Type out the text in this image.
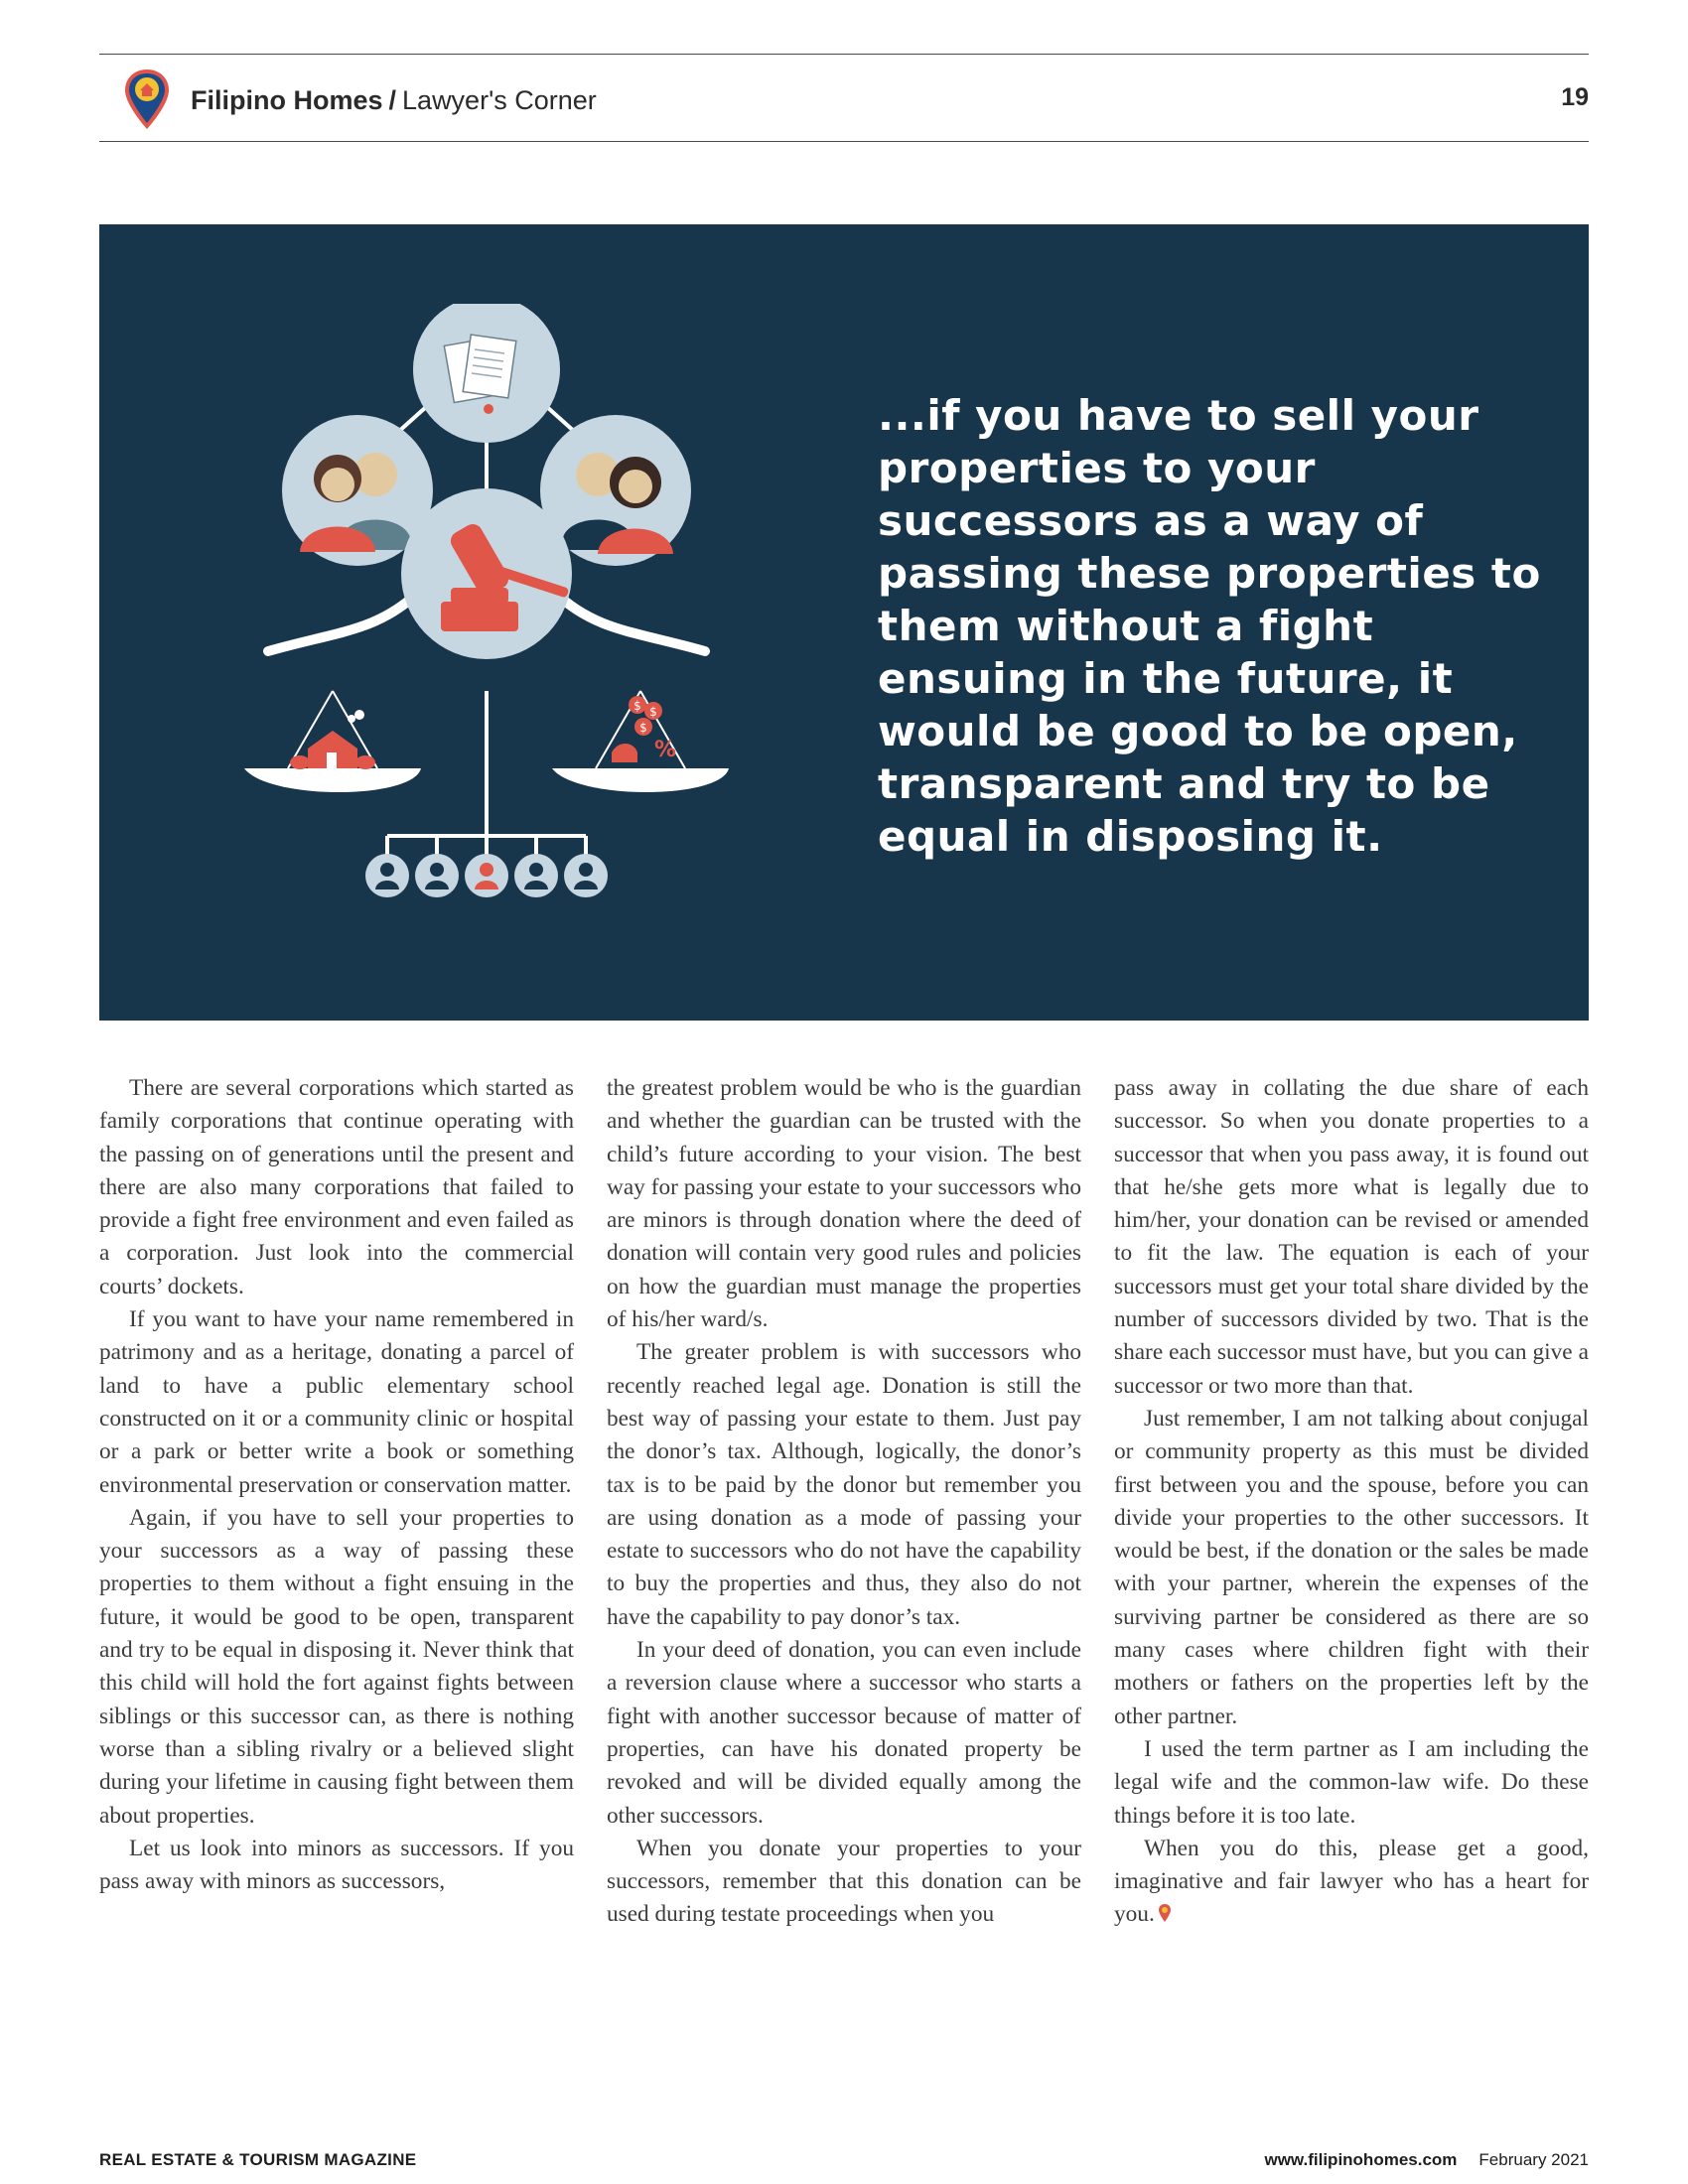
Filipino Homes / Lawyer's Corner	19
$ $
$
%
...if you have to sell your properties to your successors as a way of passing these properties to them without a fight ensuing in the future, it would be good to be open, transparent and try to be equal in disposing it.

There are several corporations which started as family corporations that continue operating with the passing on of generations until the present and there are also many corporations that failed to provide a fight free environment and even failed as a corporation. Just look into the commercial courts’ dockets.

If you want to have your name remembered in patrimony and as a heritage, donating a parcel of land to have a public elementary school constructed on it or a community clinic or hospital or a park or better write a book or something environmental preservation or conservation matter.

Again, if you have to sell your properties to your successors as a way of passing these properties to them without a fight ensuing in the future, it would be good to be open, transparent and try to be equal in disposing it. Never think that this child will hold the fort against fights between siblings or this successor can, as there is nothing worse than a sibling rivalry or a believed slight during your lifetime in causing fight between them about properties.

Let us look into minors as successors. If you pass away with minors as successors,

the greatest problem would be who is the guardian and whether the guardian can be trusted with the child’s future according to your vision. The best way for passing your estate to your successors who are minors is through donation where the deed of donation will contain very good rules and policies on how the guardian must manage the properties of his/her ward/s.

The greater problem is with successors who recently reached legal age. Donation is still the best way of passing your estate to them. Just pay the donor’s tax. Although, logically, the donor’s tax is to be paid by the donor but remember you are using donation as a mode of passing your estate to successors who do not have the capability to buy the properties and thus, they also do not have the capability to pay donor’s tax.

In your deed of donation, you can even include a reversion clause where a successor who starts a fight with another successor because of matter of properties, can have his donated property be revoked and will be divided equally among the other successors.

When you donate your properties to your successors, remember that this donation can be used during testate proceedings when you

pass away in collating the due share of each successor. So when you donate properties to a successor that when you pass away, it is found out that he/she gets more what is legally due to him/her, your donation can be revised or amended to fit the law. The equation is each of your successors must get your total share divided by the number of successors divided by two. That is the share each successor must have, but you can give a successor or two more than that.

Just remember, I am not talking about conjugal or community property as this must be divided first between you and the spouse, before you can divide your properties to the other successors. It would be best, if the donation or the sales be made with your partner, wherein the expenses of the surviving partner be considered as there are so many cases where children fight with their mothers or fathers on the properties left by the other partner.

I used the term partner as I am including the legal wife and the common-law wife. Do these things before it is too late.

When you do this, please get a good, imaginative and fair lawyer who has a heart for you.

REAL ESTATE & TOURISM MAGAZINE	www.filipinohomes.com February 2021
